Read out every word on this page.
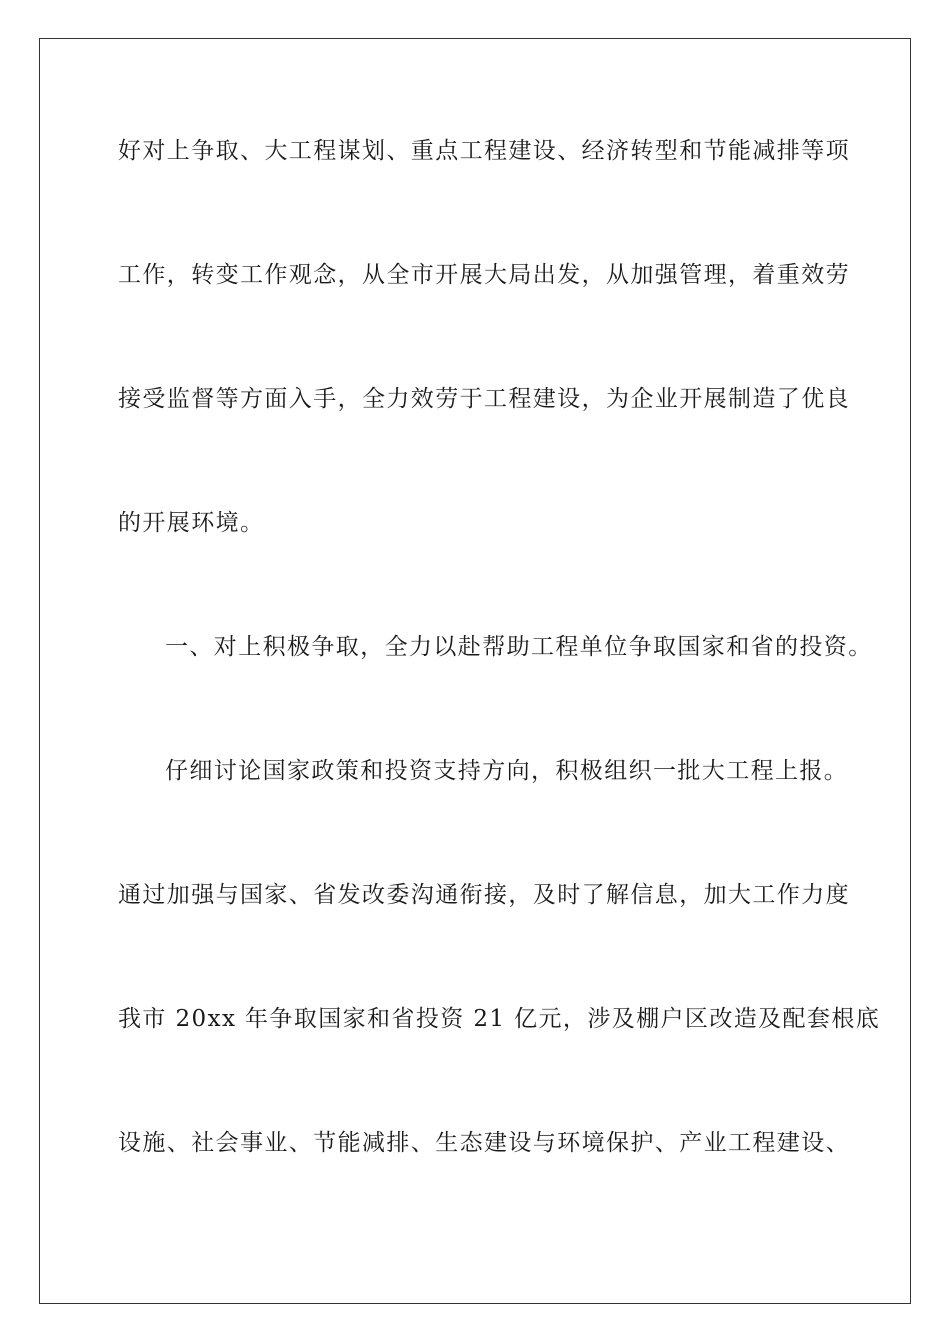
好对上争取、大工程谋划、重点工程建设、经济转型和节能减排等项
工作，转变工作观念，从全市开展大局出发，从加强管理，着重效劳
接受监督等方面入手，全力效劳于工程建设，为企业开展制造了优良
的开展环境。
一、对上积极争取，全力以赴帮助工程单位争取国家和省的投资。
仔细讨论国家政策和投资支持方向，积极组织一批大工程上报。
通过加强与国家、省发改委沟通衔接，及时了解信息，加大工作力度
我市 20xx 年争取国家和省投资 21 亿元，涉及棚户区改造及配套根底
设施、社会事业、节能减排、生态建设与环境保护、产业工程建设、
